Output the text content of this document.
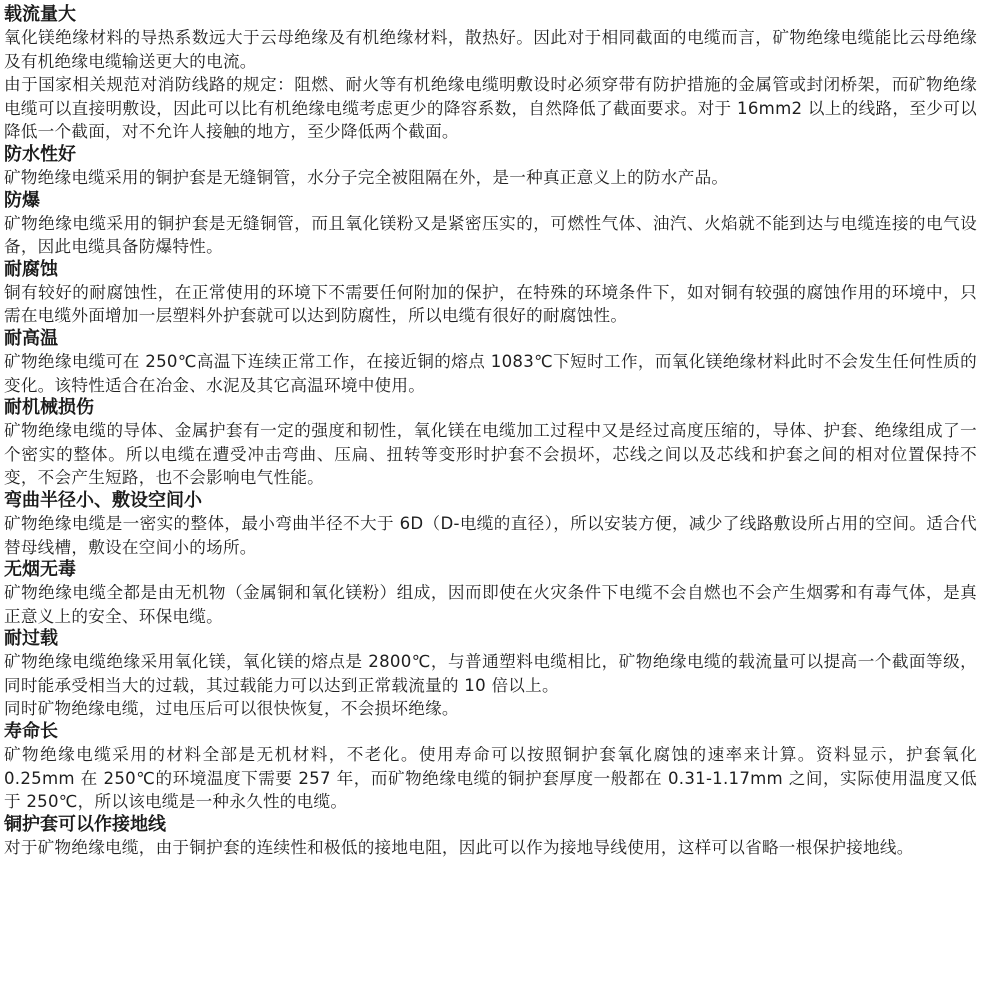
载流量大

氧化镁绝缘材料的导热系数远大于云母绝缘及有机绝缘材料，散热好。因此对于相同截面的电缆而言，矿物绝缘电缆能比云母绝缘及有机绝缘电缆输送更大的电流。

由于国家相关规范对消防线路的规定：阻燃、耐火等有机绝缘电缆明敷设时必须穿带有防护措施的金属管或封闭桥架，而矿物绝缘电缆可以直接明敷设，因此可以比有机绝缘电缆考虑更少的降容系数，自然降低了截面要求。对于 16mm2 以上的线路，至少可以降低一个截面，对不允许人接触的地方，至少降低两个截面。

防水性好

矿物绝缘电缆采用的铜护套是无缝铜管，水分子完全被阻隔在外，是一种真正意义上的防水产品。

防爆

矿物绝缘电缆采用的铜护套是无缝铜管，而且氧化镁粉又是紧密压实的，可燃性气体、油汽、火焰就不能到达与电缆连接的电气设备，因此电缆具备防爆特性。

耐腐蚀

铜有较好的耐腐蚀性，在正常使用的环境下不需要任何附加的保护，在特殊的环境条件下，如对铜有较强的腐蚀作用的环境中，只需在电缆外面增加一层塑料外护套就可以达到防腐性，所以电缆有很好的耐腐蚀性。

耐高温

矿物绝缘电缆可在 250℃高温下连续正常工作，在接近铜的熔点 1083℃下短时工作，而氧化镁绝缘材料此时不会发生任何性质的变化。该特性适合在冶金、水泥及其它高温环境中使用。

耐机械损伤

矿物绝缘电缆的导体、金属护套有一定的强度和韧性，氧化镁在电缆加工过程中又是经过高度压缩的，导体、护套、绝缘组成了一个密实的整体。所以电缆在遭受冲击弯曲、压扁、扭转等变形时护套不会损坏，芯线之间以及芯线和护套之间的相对位置保持不变，不会产生短路，也不会影响电气性能。

弯曲半径小、敷设空间小

矿物绝缘电缆是一密实的整体，最小弯曲半径不大于 6D（D-电缆的直径），所以安装方便，减少了线路敷设所占用的空间。适合代替母线槽，敷设在空间小的场所。

无烟无毒

矿物绝缘电缆全都是由无机物（金属铜和氧化镁粉）组成，因而即使在火灾条件下电缆不会自燃也不会产生烟雾和有毒气体，是真正意义上的安全、环保电缆。

耐过载

矿物绝缘电缆绝缘采用氧化镁，氧化镁的熔点是 2800℃，与普通塑料电缆相比，矿物绝缘电缆的载流量可以提高一个截面等级，同时能承受相当大的过载，其过载能力可以达到正常载流量的 10 倍以上。

同时矿物绝缘电缆，过电压后可以很快恢复，不会损坏绝缘。

寿命长

矿物绝缘电缆采用的材料全部是无机材料，不老化。使用寿命可以按照铜护套氧化腐蚀的速率来计算。资料显示，护套氧化 0.25mm 在 250℃的环境温度下需要 257 年，而矿物绝缘电缆的铜护套厚度一般都在 0.31-1.17mm 之间，实际使用温度又低于 250℃，所以该电缆是一种永久性的电缆。

铜护套可以作接地线

对于矿物绝缘电缆，由于铜护套的连续性和极低的接地电阻，因此可以作为接地导线使用，这样可以省略一根保护接地线。
